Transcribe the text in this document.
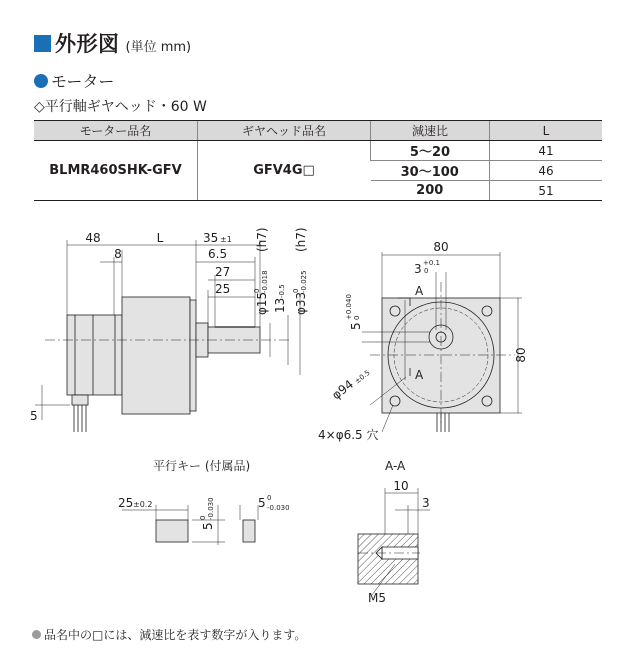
外形図 (単位 mm)
モーター
◇平行軸ギヤヘッド・60 W
モーター品名	ギヤヘッド品名	減速比	L
BLMR460SHK-GFV	GFV4G□	5～20	41
		30～100	46
		200	51
48	L
8
35 ±1
6.5
27
25
5
φ15
0 -0.018
(h7)
13
-0.5
φ33
0 -0.025
(h7)	80
80
3 +0.1
0
5
+0.040 0
A
A
φ94
±0.5
4×φ6.5 穴
平行キー (付属品)
25 ±0.2
5
0 -0.030	5 0
-0.030
A-A
10
3
M5
品名中の□には、減速比を表す数字が入ります。
